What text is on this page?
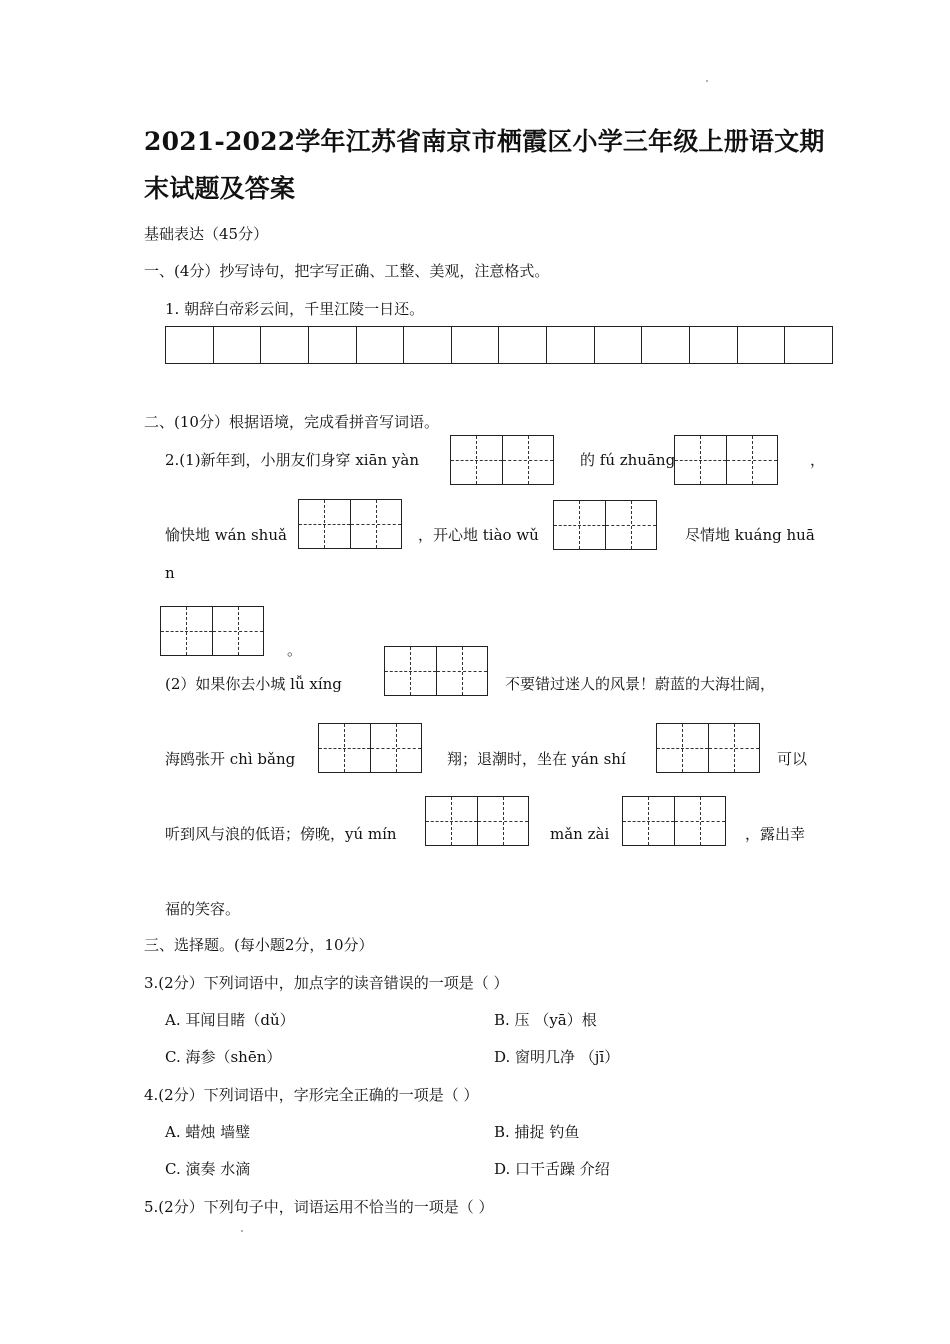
2021-2022学年江苏省南京市栖霞区小学三年级上册语文期
末试题及答案
基础表达（45分）
一、(4分）抄写诗句，把字写正确、工整、美观，注意格式。
1. 朝辞白帝彩云间，千里江陵一日还。
二、(10分）根据语境，完成看拼音写词语。
2.(1)新年到，小朋友们身穿 xiān yàn	的 fú zhuāng	，
愉快地 wán shuǎ	，开心地 tiào wǔ	尽情地 kuáng huā
n
。
(2）如果你去小城 lǚ xíng	不要错过迷人的风景！蔚蓝的大海壮阔，
海鸥张开 chì bǎng	翔；退潮时，坐在 yán shí	可以
听到风与浪的低语；傍晚，yú mín	mǎn zài	，露出幸
福的笑容。
三、选择题。(每小题2分，10分）
3.(2分）下列词语中，加点字的读音错误的一项是（ ）
A. 耳闻目睹（dǔ）	B. 压 （yā）根
C. 海参（shēn）	D. 窗明几净 （jī）
4.(2分）下列词语中，字形完全正确的一项是（ ）
A. 蜡烛 墙璧	B. 捕捉 钓鱼
C. 演奏 水滴	D. 口干舌躁 介绍
5.(2分）下列句子中，词语运用不恰当的一项是（ ）
